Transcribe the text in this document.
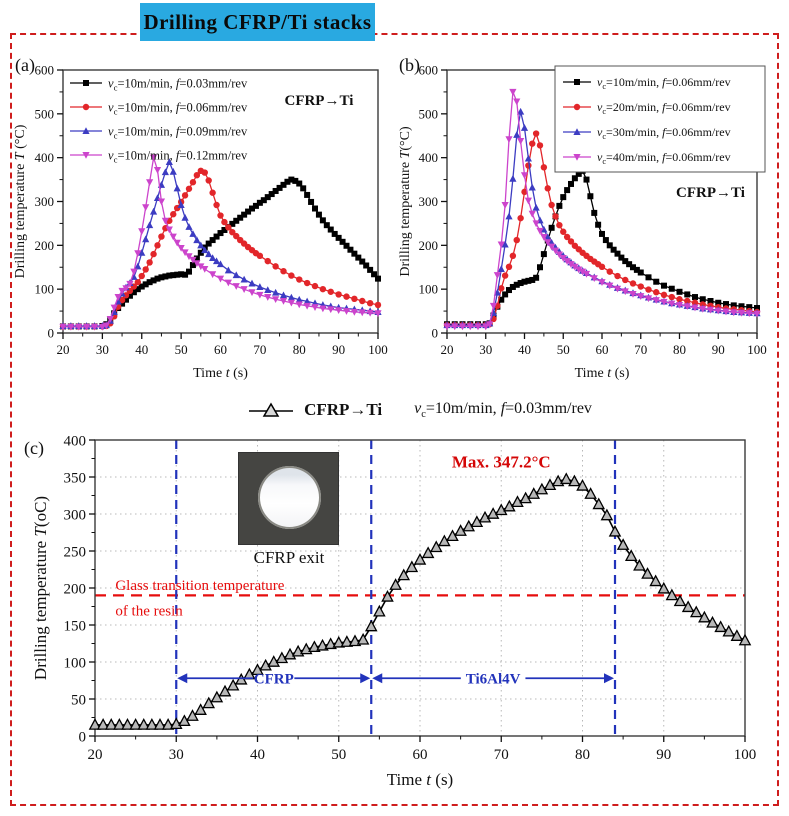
Drilling CFRP/Ti stacks
(a)	(b)
(c)
20 30 40 50 60 70 80 90 100
Time t (s)
0
100
200
300
400
500
600
Drilling temperature T (°C)
$v_c=10m/\min$, f=0.03mm/rev
$v_c=10m/\min$, f=0.06mm/rev
$v_c=10m/\min$, f=0.09mm/rev
$v_c=10m/\min$, f=0.12mm/rev
CFRP→Ti
20 30 40 50 60 70 80 90 100
Time t (s)
0
100
200
300
400
500
600
Drilling temperature T(°C)
$v_c=10m/\min$, f=0.06mm/rev
$v_c=20m/\min$, f=0.06mm/rev
$v_c=30m/\min$, f=0.06mm/rev
$v_c=40m/\min$, f=0.06mm/rev
CFRP→Ti
CFRP→Ti $v_c=10m/\min$, f=0.03mm/rev
20	30	40	50	60	70	80	90	100
Time t (s)
0
50
100
150
200
250
300
350
400
Drilling temperature T(oC)
Max. 347.2°C
Glass transition temperature
of the resin
CFRP	Ti6Al4V
CFRP exit
